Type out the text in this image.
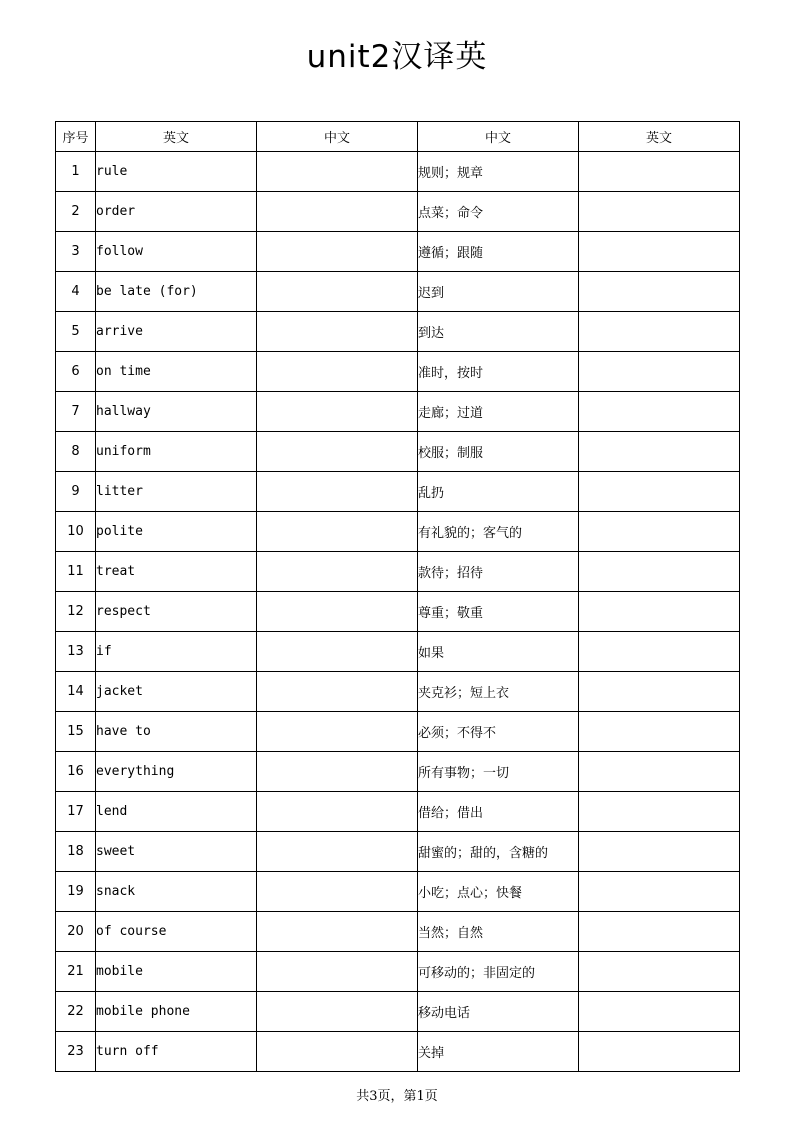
unit2汉译英
序号	英文	中文	中文	英文
1	rule		规则；规章	
2	order		点菜；命令	
3	follow		遵循；跟随	
4	be late (for)		迟到	
5	arrive		到达	
6	on time		准时，按时	
7	hallway		走廊；过道	
8	uniform		校服；制服	
9	litter		乱扔	
10	polite		有礼貌的；客气的	
11	treat		款待；招待	
12	respect		尊重；敬重	
13	if		如果	
14	jacket		夹克衫；短上衣	
15	have to		必须；不得不	
16	everything		所有事物；一切	
17	lend		借给；借出	
18	sweet		甜蜜的；甜的，含糖的	
19	snack		小吃；点心；快餐	
20	of course		当然；自然	
21	mobile		可移动的；非固定的	
22	mobile phone		移动电话	
23	turn off		关掉	
共3页，第1页
